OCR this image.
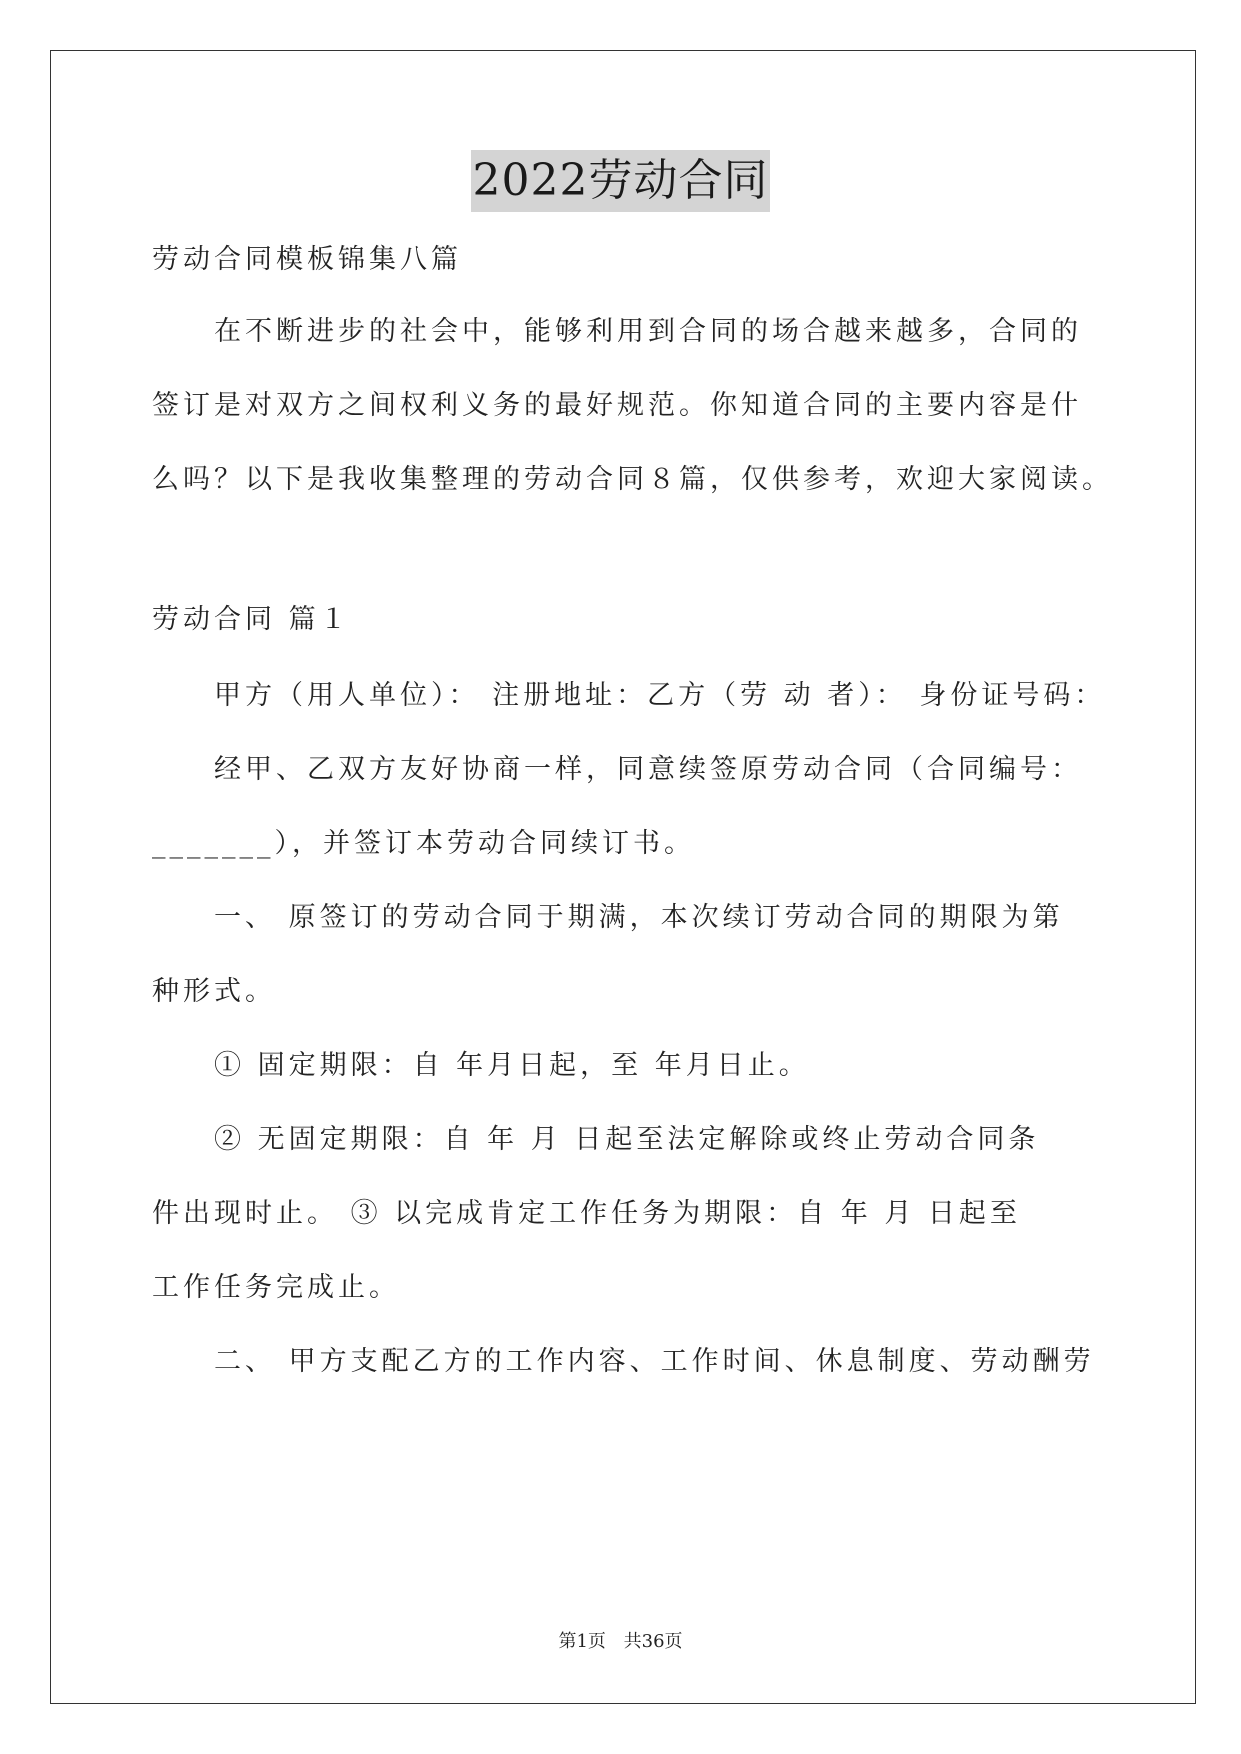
2022劳动合同
劳动合同模板锦集八篇
在不断进步的社会中，能够利用到合同的场合越来越多，合同的
签订是对双方之间权利义务的最好规范。你知道合同的主要内容是什
么吗？以下是我收集整理的劳动合同８篇，仅供参考，欢迎大家阅读。
劳动合同 篇１
甲方（用人单位）： 注册地址：乙方（劳 动 者）： 身份证号码：
经甲、乙双方友好协商一样，同意续签原劳动合同（合同编号：
_______），并签订本劳动合同续订书。
一、 原签订的劳动合同于期满，本次续订劳动合同的期限为第
种形式。
① 固定期限：自 年月日起，至 年月日止。
② 无固定期限：自 年 月 日起至法定解除或终止劳动合同条
件出现时止。 ③ 以完成肯定工作任务为期限：自 年 月 日起至
工作任务完成止。
二、 甲方支配乙方的工作内容、工作时间、休息制度、劳动酬劳
第1页 共36页
